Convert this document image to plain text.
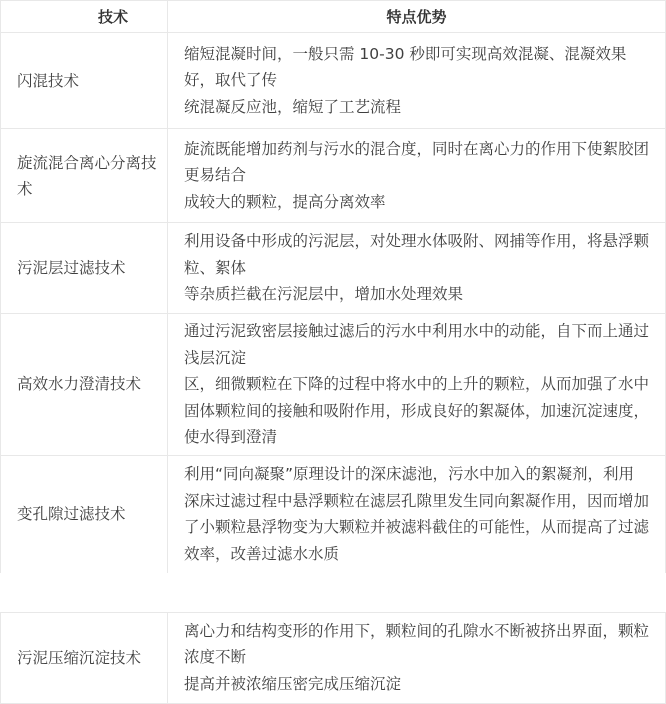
技术	特点优势
闪混技术
缩短混凝时间，一般只需 10-30 秒即可实现高效混凝、混凝效果
好，取代了传
统混凝反应池，缩短了工艺流程
旋流混合离心分离技术
旋流既能增加药剂与污水的混合度，同时在离心力的作用下使絮胶团
更易结合
成较大的颗粒，提高分离效率
污泥层过滤技术
利用设备中形成的污泥层，对处理水体吸附、网捕等作用，将悬浮颗
粒、絮体
等杂质拦截在污泥层中，增加水处理效果
高效水力澄清技术
通过污泥致密层接触过滤后的污水中利用水中的动能，自下而上通过
浅层沉淀
区，细微颗粒在下降的过程中将水中的上升的颗粒，从而加强了水中
固体颗粒间的接触和吸附作用，形成良好的絮凝体，加速沉淀速度，
使水得到澄清
变孔隙过滤技术
利用“同向凝聚”原理设计的深床滤池，污水中加入的絮凝剂，利用
深床过滤过程中悬浮颗粒在滤层孔隙里发生同向絮凝作用，因而增加
了小颗粒悬浮物变为大颗粒并被滤料截住的可能性，从而提高了过滤
效率，改善过滤水水质
污泥压缩沉淀技术
离心力和结构变形的作用下，颗粒间的孔隙水不断被挤出界面，颗粒
浓度不断
提高并被浓缩压密完成压缩沉淀
